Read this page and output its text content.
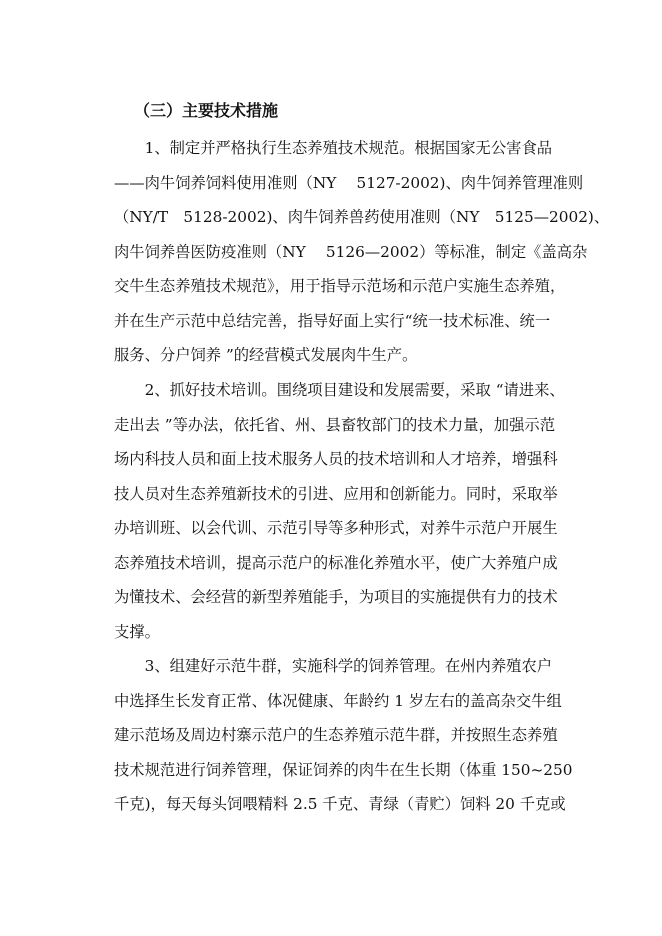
（三）主要技术措施
　　1、制定并严格执行生态养殖技术规范。根据国家无公害食品
——肉牛饲养饲料使用准则（NY　 5127-2002)、肉牛饲养管理准则
（NY/T　5128-2002)、肉牛饲养兽药使用准则（NY　5125—2002)、
肉牛饲养兽医防疫准则（NY　 5126—2002）等标准，制定《盖高杂
交牛生态养殖技术规范》，用于指导示范场和示范户实施生态养殖，
并在生产示范中总结完善，指导好面上实行“统一技术标准、统一
服务、分户饲养 ”的经营模式发展肉牛生产。
　　2、抓好技术培训。围绕项目建设和发展需要，采取 “请进来、
走出去 ”等办法，依托省、州、县畜牧部门的技术力量，加强示范
场内科技人员和面上技术服务人员的技术培训和人才培养，增强科
技人员对生态养殖新技术的引进、应用和创新能力。同时，采取举
办培训班、以会代训、示范引导等多种形式，对养牛示范户开展生
态养殖技术培训，提高示范户的标准化养殖水平，使广大养殖户成
为懂技术、会经营的新型养殖能手，为项目的实施提供有力的技术
支撑。
　　3、组建好示范牛群，实施科学的饲养管理。在州内养殖农户
中选择生长发育正常、体况健康、年龄约 1 岁左右的盖高杂交牛组
建示范场及周边村寨示范户的生态养殖示范牛群，并按照生态养殖
技术规范进行饲养管理，保证饲养的肉牛在生长期（体重 150~250
千克)，每天每头饲喂精料 2.5 千克、青绿（青贮）饲料 20 千克或
